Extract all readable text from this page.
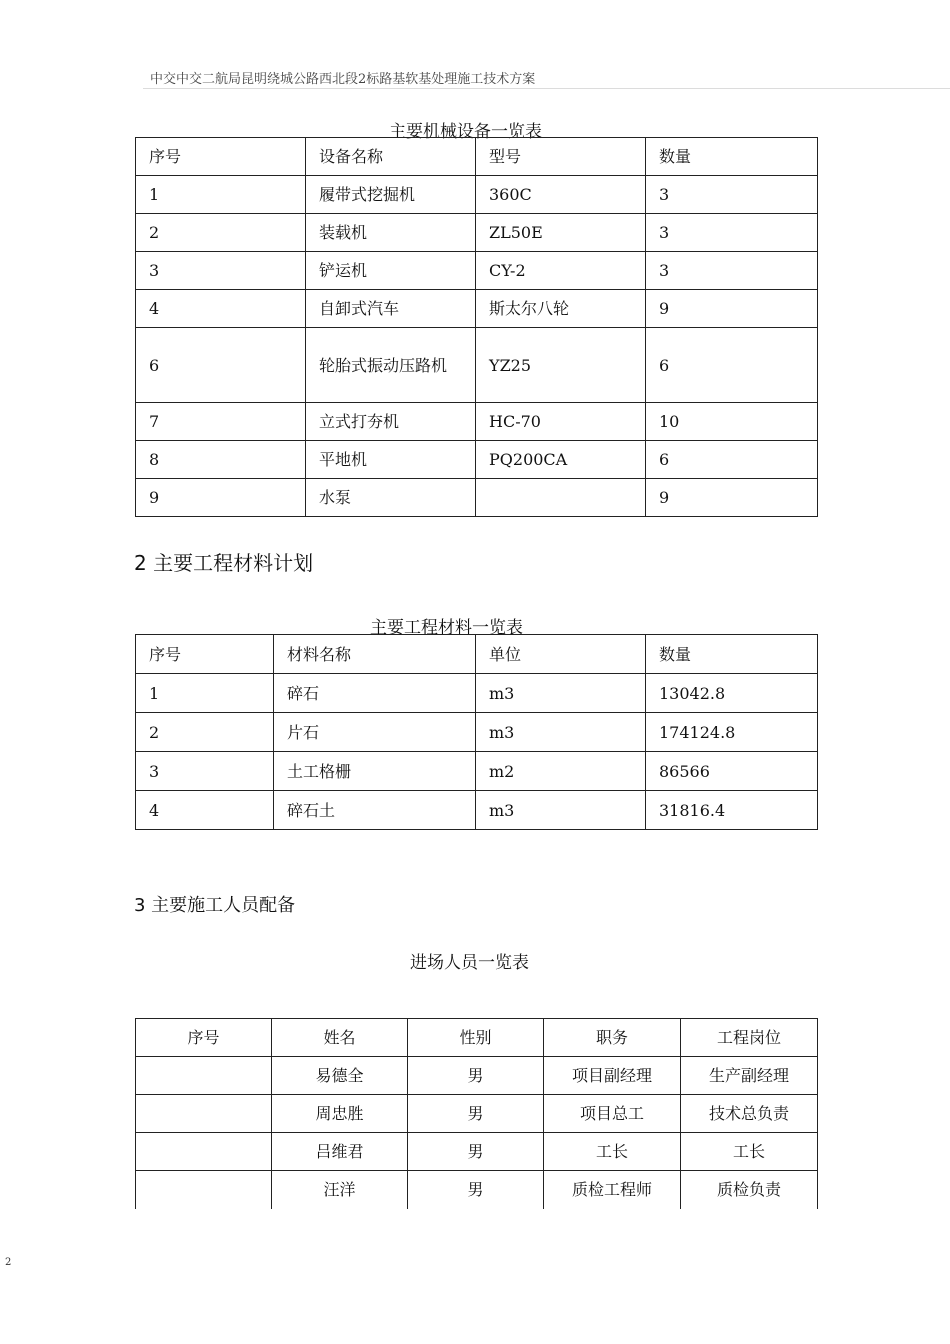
中交中交二航局昆明绕城公路西北段2标路基软基处理施工技术方案
主要机械设备一览表
序号	设备名称	型号	数量
1	履带式挖掘机	360C	3
2	装载机	ZL50E	3
3	铲运机	CY-2	3
4	自卸式汽车	斯太尔八轮	9
6	轮胎式振动压路机	YZ25	6
7	立式打夯机	HC-70	10
8	平地机	PQ200CA	6
9	水泵		9
2 主要工程材料计划
主要工程材料一览表
序号	材料名称	单位	数量
1	碎石	m3	13042.8
2	片石	m3	174124.8
3	土工格栅	m2	86566
4	碎石土	m3	31816.4
3 主要施工人员配备
进场人员一览表
序号	姓名	性别	职务	工程岗位
	易德全	男	项目副经理	生产副经理
	周忠胜	男	项目总工	技术总负责
	吕维君	男	工长	工长
	汪洋	男	质检工程师	质检负责
2
